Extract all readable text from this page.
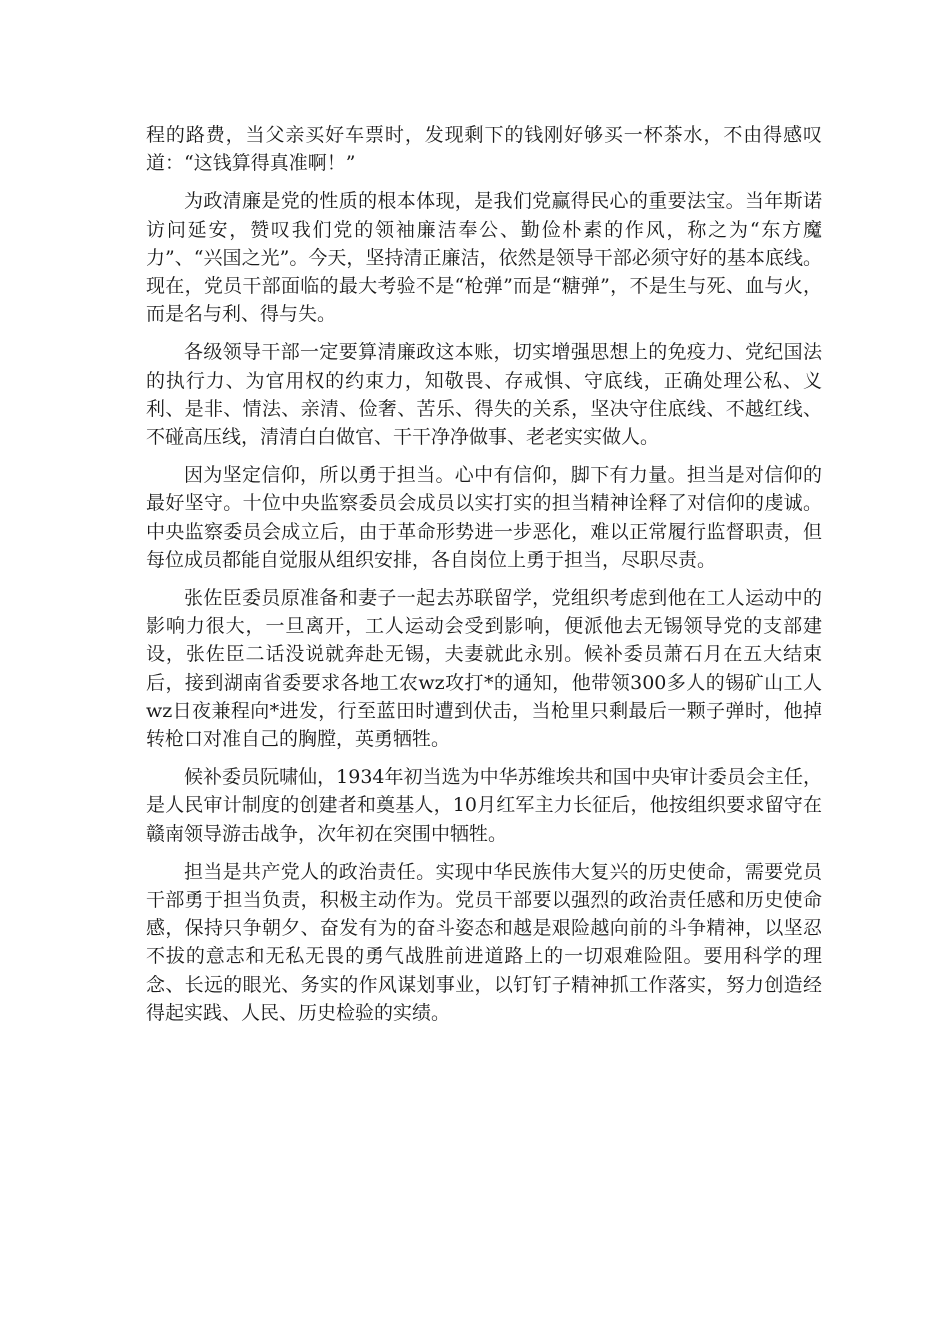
程的路费，当父亲买好车票时，发现剩下的钱刚好够买一杯茶水，不由得感叹道：“这钱算得真准啊！”

为政清廉是党的性质的根本体现，是我们党赢得民心的重要法宝。当年斯诺访问延安，赞叹我们党的领袖廉洁奉公、勤俭朴素的作风，称之为“东方魔力”、“兴国之光”。今天，坚持清正廉洁，依然是领导干部必须守好的基本底线。现在，党员干部面临的最大考验不是“枪弹”而是“糖弹”，不是生与死、血与火，而是名与利、得与失。

各级领导干部一定要算清廉政这本账，切实增强思想上的免疫力、党纪国法的执行力、为官用权的约束力，知敬畏、存戒惧、守底线，正确处理公私、义利、是非、情法、亲清、俭奢、苦乐、得失的关系，坚决守住底线、不越红线、不碰高压线，清清白白做官、干干净净做事、老老实实做人。

因为坚定信仰，所以勇于担当。心中有信仰，脚下有力量。担当是对信仰的最好坚守。十位中央监察委员会成员以实打实的担当精神诠释了对信仰的虔诚。中央监察委员会成立后，由于革命形势进一步恶化，难以正常履行监督职责，但每位成员都能自觉服从组织安排，各自岗位上勇于担当，尽职尽责。

张佐臣委员原准备和妻子一起去苏联留学，党组织考虑到他在工人运动中的影响力很大，一旦离开，工人运动会受到影响，便派他去无锡领导党的支部建设，张佐臣二话没说就奔赴无锡，夫妻就此永别。候补委员萧石月在五大结束后，接到湖南省委要求各地工农wz攻打*的通知，他带领300多人的锡矿山工人wz日夜兼程向*进发，行至蓝田时遭到伏击，当枪里只剩最后一颗子弹时，他掉转枪口对准自己的胸膛，英勇牺牲。

候补委员阮啸仙，1934年初当选为中华苏维埃共和国中央审计委员会主任，是人民审计制度的创建者和奠基人，10月红军主力长征后，他按组织要求留守在赣南领导游击战争，次年初在突围中牺牲。

担当是共产党人的政治责任。实现中华民族伟大复兴的历史使命，需要党员干部勇于担当负责，积极主动作为。党员干部要以强烈的政治责任感和历史使命感，保持只争朝夕、奋发有为的奋斗姿态和越是艰险越向前的斗争精神，以坚忍不拔的意志和无私无畏的勇气战胜前进道路上的一切艰难险阻。要用科学的理念、长远的眼光、务实的作风谋划事业，以钉钉子精神抓工作落实，努力创造经得起实践、人民、历史检验的实绩。
